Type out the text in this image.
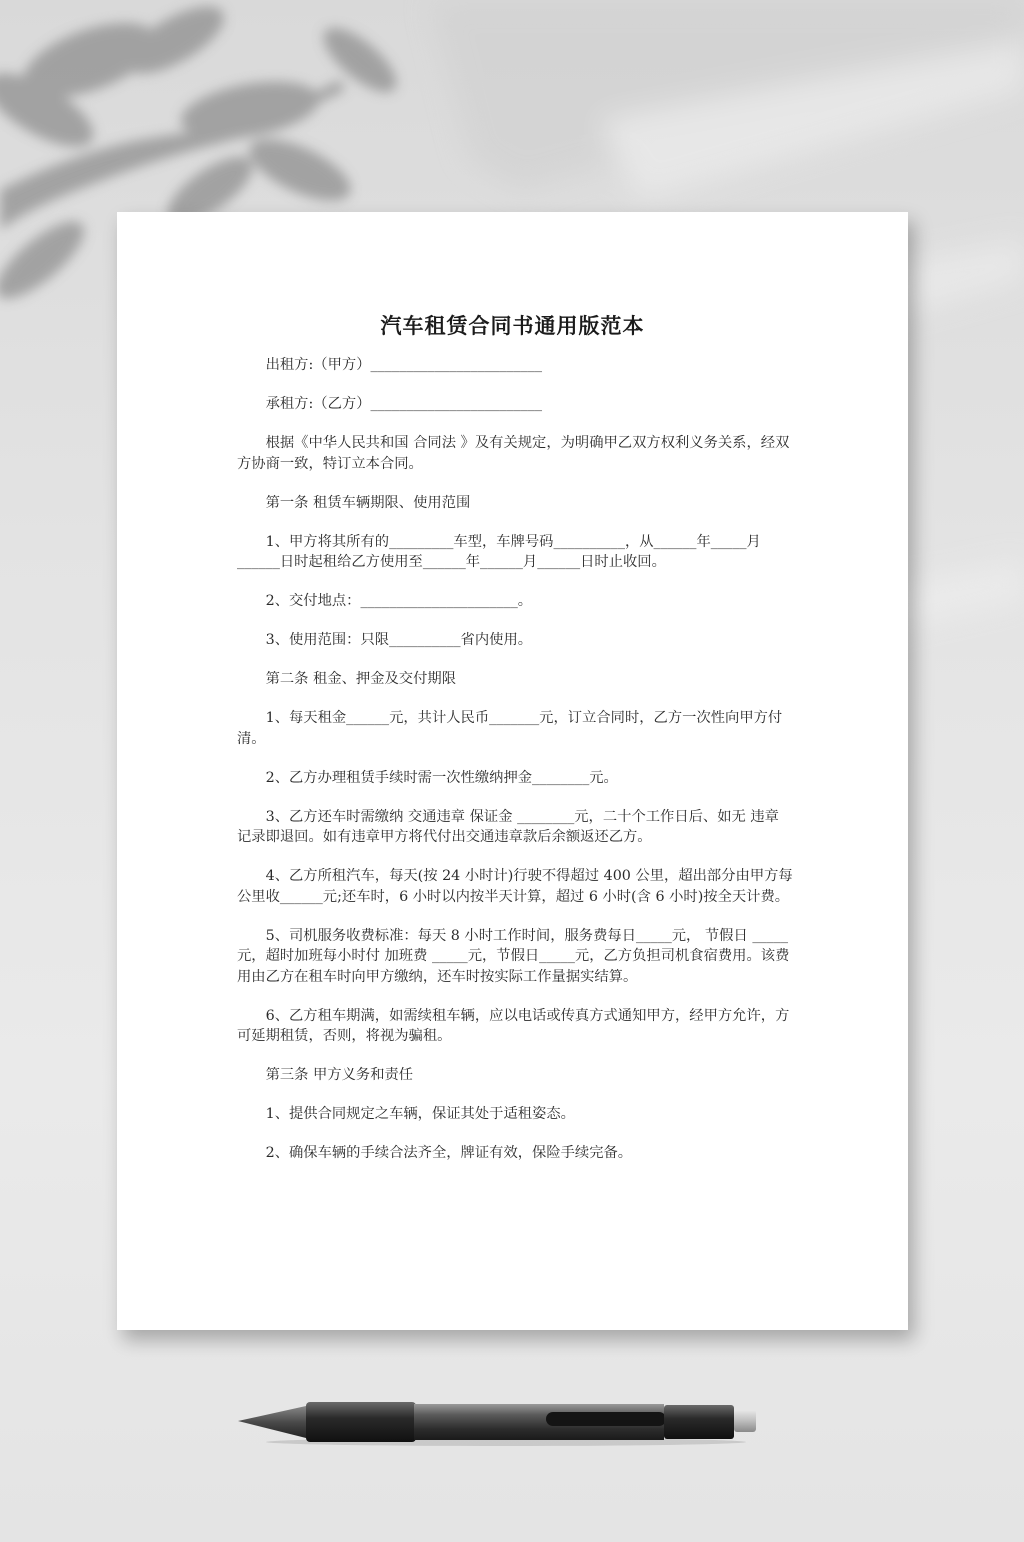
汽车租赁合同书通用版范本

出租方:（甲方）________________________

承租方:（乙方）________________________

根据《中华人民共和国 合同法 》及有关规定，为明确甲乙双方权利义务关系，经双方协商一致，特订立本合同。

第一条 租赁车辆期限、使用范围

1、甲方将其所有的_________车型，车牌号码__________，从______年_____月______日时起租给乙方使用至______年______月______日时止收回。

2、交付地点：______________________。

3、使用范围：只限__________省内使用。

第二条 租金、押金及交付期限

1、每天租金______元，共计人民币_______元，订立合同时，乙方一次性向甲方付清。

2、乙方办理租赁手续时需一次性缴纳押金________元。

3、乙方还车时需缴纳 交通违章 保证金 ________元，二十个工作日后、如无 违章 记录即退回。如有违章甲方将代付出交通违章款后余额返还乙方。

4、乙方所租汽车，每天(按 24 小时计)行驶不得超过 400 公里，超出部分由甲方每公里收______元;还车时，6 小时以内按半天计算，超过 6 小时(含 6 小时)按全天计费。

5、司机服务收费标准：每天 8 小时工作时间，服务费每日_____元， 节假日 _____元，超时加班每小时付 加班费 _____元，节假日_____元，乙方负担司机食宿费用。该费用由乙方在租车时向甲方缴纳，还车时按实际工作量据实结算。

6、乙方租车期满，如需续租车辆，应以电话或传真方式通知甲方，经甲方允许，方可延期租赁，否则，将视为骗租。

第三条 甲方义务和责任

1、提供合同规定之车辆，保证其处于适租姿态。

2、确保车辆的手续合法齐全，牌证有效，保险手续完备。
